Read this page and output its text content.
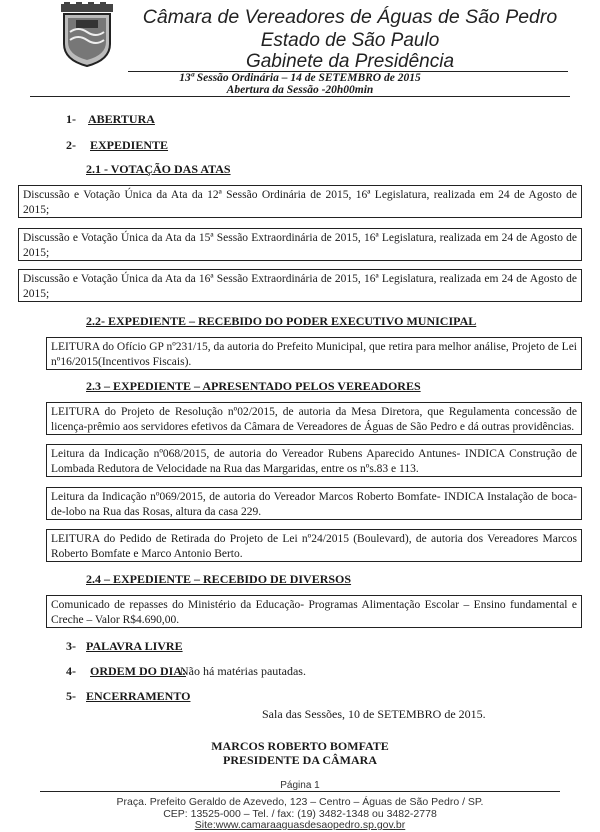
Câmara de Vereadores de Águas de São Pedro
Estado de São Paulo
Gabinete da Presidência
13ª Sessão Ordinária – 14 de SETEMBRO de 2015
Abertura da Sessão -20h00min
1- ABERTURA
2- EXPEDIENTE
2.1 - VOTAÇÃO DAS ATAS
Discussão e Votação Única da Ata da 12ª Sessão Ordinária de 2015, 16ª Legislatura, realizada em 24 de Agosto de 2015;
Discussão e Votação Única da Ata da 15ª Sessão Extraordinária de 2015, 16ª Legislatura, realizada em 24 de Agosto de 2015;
Discussão e Votação Única da Ata da 16ª Sessão Extraordinária de 2015, 16ª Legislatura, realizada em 24 de Agosto de 2015;
2.2- EXPEDIENTE – RECEBIDO DO PODER EXECUTIVO MUNICIPAL
LEITURA do Ofício GP nº231/15, da autoria do Prefeito Municipal, que retira para melhor análise, Projeto de Lei nº16/2015(Incentivos Fiscais).
2.3 – EXPEDIENTE – APRESENTADO PELOS VEREADORES
LEITURA do Projeto de Resolução nº02/2015, de autoria da Mesa Diretora, que Regulamenta concessão de licença-prêmio aos servidores efetivos da Câmara de Vereadores de Águas de São Pedro e dá outras providências.
Leitura da Indicação nº068/2015, de autoria do Vereador Rubens Aparecido Antunes- INDICA Construção de Lombada Redutora de Velocidade na Rua das Margaridas, entre os nºs.83 e 113.
Leitura da Indicação nº069/2015, de autoria do Vereador Marcos Roberto Bomfate- INDICA Instalação de boca-de-lobo na Rua das Rosas, altura da casa 229.
LEITURA do Pedido de Retirada do Projeto de Lei nº24/2015 (Boulevard), de autoria dos Vereadores Marcos Roberto Bomfate e Marco Antonio Berto.
2.4 – EXPEDIENTE – RECEBIDO DE DIVERSOS
Comunicado de repasses do Ministério da Educação- Programas Alimentação Escolar – Ensino fundamental e Creche – Valor R$4.690,00.
3- PALAVRA LIVRE
4- ORDEM DO DIA:
Não há matérias pautadas.
5- ENCERRAMENTO
Sala das Sessões, 10 de SETEMBRO de 2015.
MARCOS ROBERTO BOMFATE
PRESIDENTE DA CÂMARA
Página 1
Praça. Prefeito Geraldo de Azevedo, 123 – Centro – Águas de São Pedro / SP.
CEP: 13525-000 – Tel. / fax: (19) 3482-1348 ou 3482-2778
Site:www.camaraaguasdesaopedro.sp.gov.br
